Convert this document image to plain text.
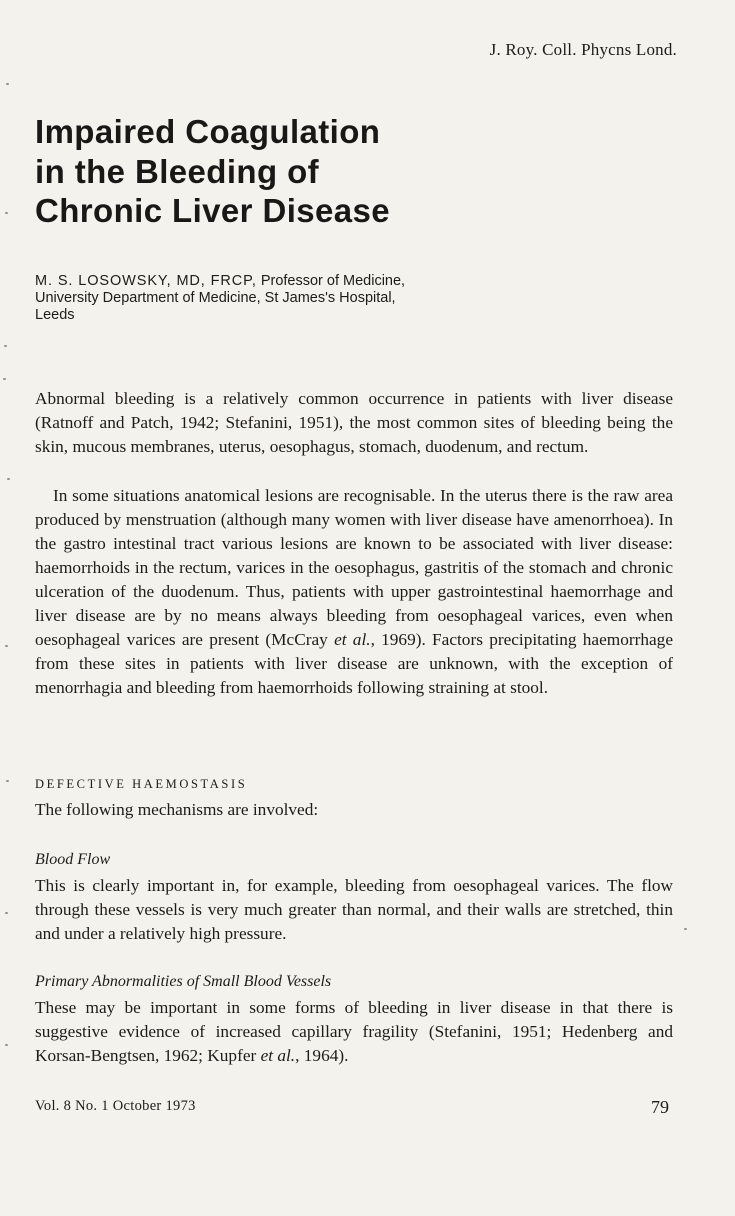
J. Roy. Coll. Phycns Lond.
Impaired Coagulation
in the Bleeding of
Chronic Liver Disease
M. S. LOSOWSKY, MD, FRCP, Professor of Medicine,
University Department of Medicine, St James's Hospital,
Leeds

Abnormal bleeding is a relatively common occurrence in patients with liver disease (Ratnoff and Patch, 1942; Stefanini, 1951), the most common sites of bleeding being the skin, mucous membranes, uterus, oesophagus, stomach, duodenum, and rectum.

In some situations anatomical lesions are recognisable. In the uterus there is the raw area produced by menstruation (although many women with liver disease have amenorrhoea). In the gastro intestinal tract various lesions are known to be associated with liver disease: haemorrhoids in the rectum, varices in the oesophagus, gastritis of the stomach and chronic ulceration of the duodenum. Thus, patients with upper gastrointestinal haemorrhage and liver disease are by no means always bleeding from oesophageal varices, even when oesophageal varices are present (McCray et al., 1969). Factors precipitating haemorrhage from these sites in patients with liver disease are unknown, with the exception of menorrhagia and bleeding from haemorrhoids following straining at stool.

DEFECTIVE HAEMOSTASIS

The following mechanisms are involved:

Blood Flow

This is clearly important in, for example, bleeding from oesophageal varices. The flow through these vessels is very much greater than normal, and their walls are stretched, thin and under a relatively high pressure.

Primary Abnormalities of Small Blood Vessels

These may be important in some forms of bleeding in liver disease in that there is suggestive evidence of increased capillary fragility (Stefanini, 1951; Hedenberg and Korsan-Bengtsen, 1962; Kupfer et al., 1964).

Vol. 8 No. 1 October 1973	79
